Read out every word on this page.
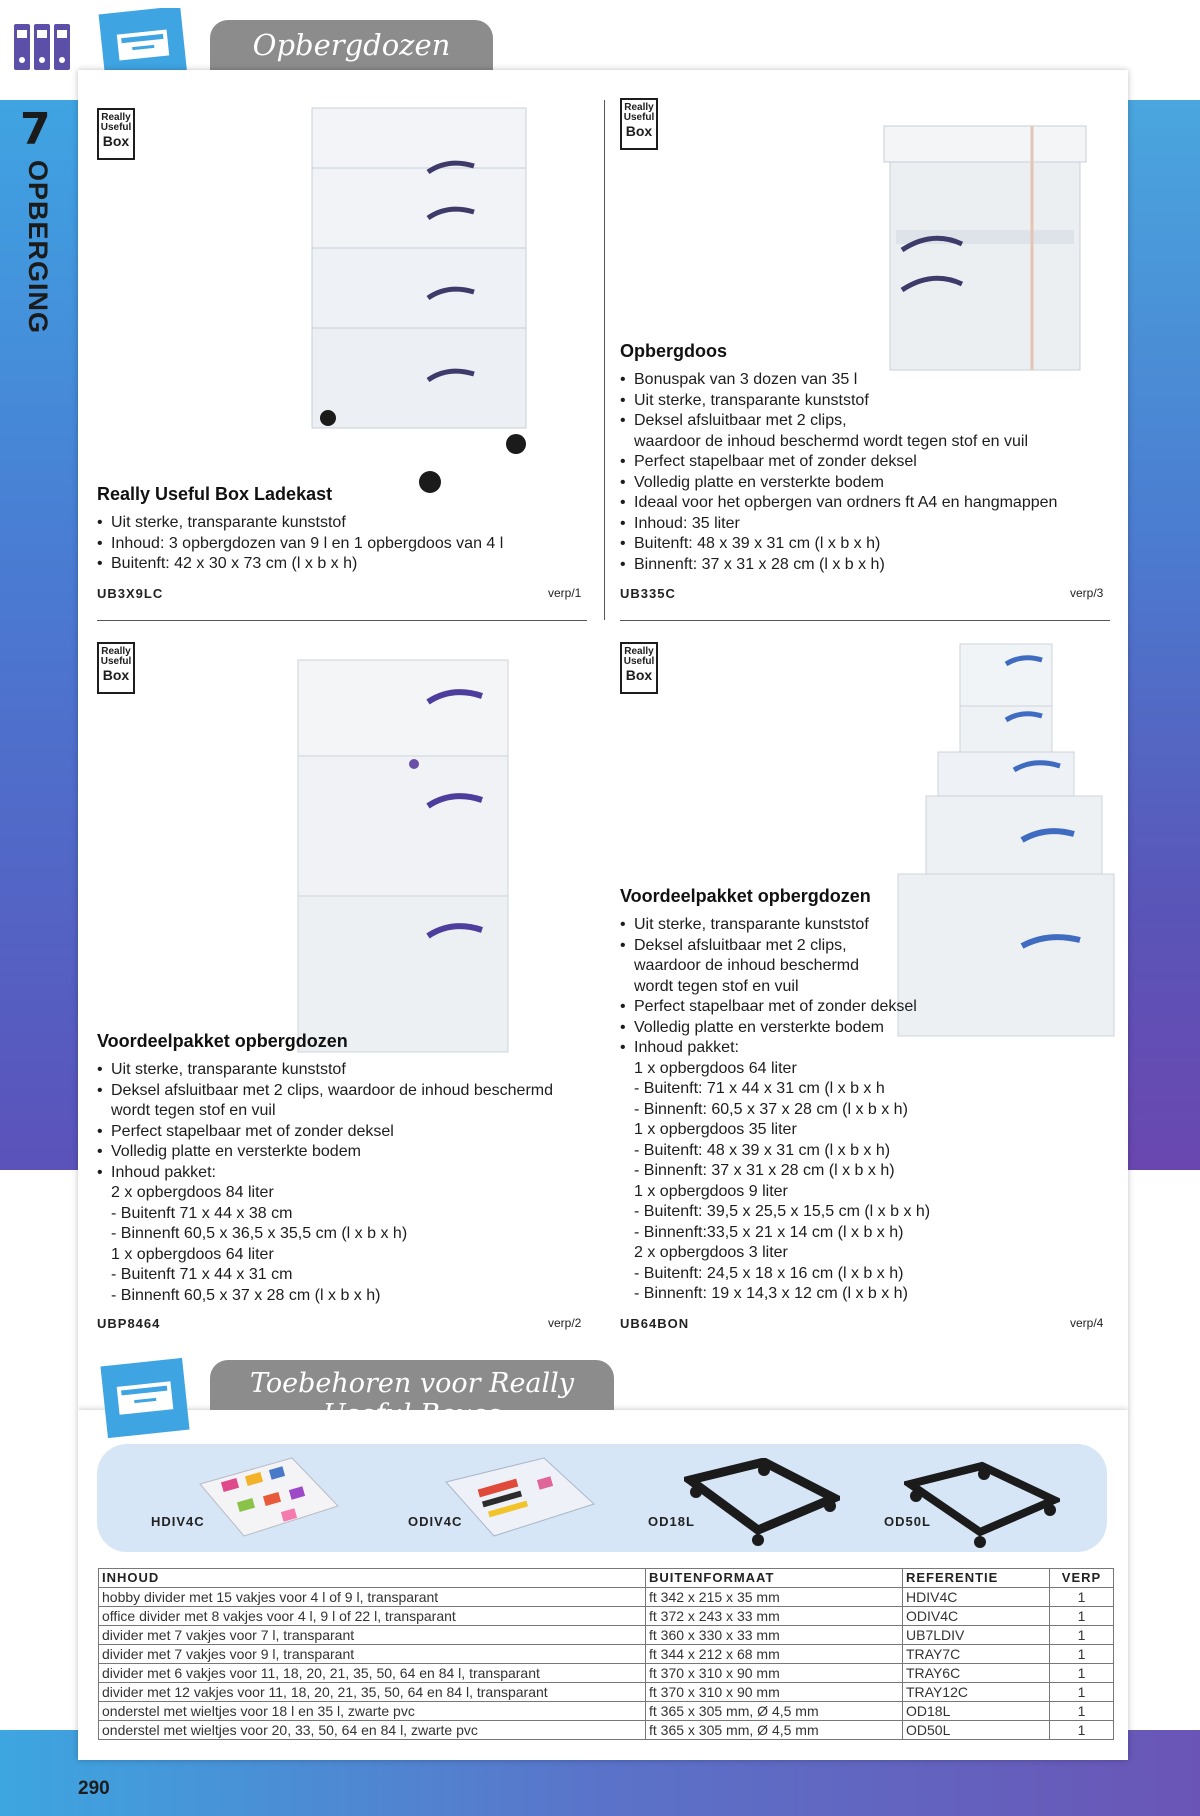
Opbergdozen
7
OPBERGING
Really
Useful
Box
Really
Useful
Box
Really
Useful
Box
Really
Useful
Box
Really Useful Box Ladekast
• Uit sterke, transparante kunststof
• Inhoud: 3 opbergdozen van 9 l en 1 opbergdoos van 4 l
• Buitenft: 42 x 30 x 73 cm (l x b x h)
UB3X9LC	verp/1
Opbergdoos
• Bonuspak van 3 dozen van 35 l
• Uit sterke, transparante kunststof
• Deksel afsluitbaar met 2 clips,
waardoor de inhoud beschermd wordt tegen stof en vuil
• Perfect stapelbaar met of zonder deksel
• Volledig platte en versterkte bodem
• Ideaal voor het opbergen van ordners ft A4 en hangmappen
• Inhoud: 35 liter
• Buitenft: 48 x 39 x 31 cm (l x b x h)
• Binnenft: 37 x 31 x 28 cm (l x b x h)
UB335C	verp/3
Voordeelpakket opbergdozen
• Uit sterke, transparante kunststof
• Deksel afsluitbaar met 2 clips, waardoor de inhoud beschermd
wordt tegen stof en vuil
• Perfect stapelbaar met of zonder deksel
• Volledig platte en versterkte bodem
• Inhoud pakket:
2 x opbergdoos 84 liter
- Buitenft 71 x 44 x 38 cm
- Binnenft 60,5 x 36,5 x 35,5 cm (l x b x h)
1 x opbergdoos 64 liter
- Buitenft 71 x 44 x 31 cm
- Binnenft 60,5 x 37 x 28 cm (l x b x h)
UBP8464	verp/2
Voordeelpakket opbergdozen
• Uit sterke, transparante kunststof
• Deksel afsluitbaar met 2 clips,
waardoor de inhoud beschermd
wordt tegen stof en vuil
• Perfect stapelbaar met of zonder deksel
• Volledig platte en versterkte bodem
• Inhoud pakket:
1 x opbergdoos 64 liter
- Buitenft: 71 x 44 x 31 cm (l x b x h
- Binnenft: 60,5 x 37 x 28 cm (l x b x h)
1 x opbergdoos 35 liter
- Buitenft: 48 x 39 x 31 cm (l x b x h)
- Binnenft: 37 x 31 x 28 cm (l x b x h)
1 x opbergdoos 9 liter
- Buitenft: 39,5 x 25,5 x 15,5 cm (l x b x h)
- Binnenft:33,5 x 21 x 14 cm (l x b x h)
2 x opbergdoos 3 liter
- Buitenft: 24,5 x 18 x 16 cm (l x b x h)
- Binnenft: 19 x 14,3 x 12 cm (l x b x h)
UB64BON	verp/4
Toebehoren voor Really Useful Boxes
HDIV4C	ODIV4C	OD18L	OD50L
INHOUD	BUITENFORMAAT	REFERENTIE	VERP
hobby divider met 15 vakjes voor 4 l of 9 l, transparant	ft 342 x 215 x 35 mm	HDIV4C	1
office divider met 8 vakjes voor 4 l, 9 l of 22 l, transparant	ft 372 x 243 x 33 mm	ODIV4C	1
divider met 7 vakjes voor 7 l, transparant	ft 360 x 330 x 33 mm	UB7LDIV	1
divider met 7 vakjes voor 9 l, transparant	ft 344 x 212 x 68 mm	TRAY7C	1
divider met 6 vakjes voor 11, 18, 20, 21, 35, 50, 64 en 84 l, transparant	ft 370 x 310 x 90 mm	TRAY6C	1
divider met 12 vakjes voor 11, 18, 20, 21, 35, 50, 64 en 84 l, transparant	ft 370 x 310 x 90 mm	TRAY12C	1
onderstel met wieltjes voor 18 l en 35 l, zwarte pvc	ft 365 x 305 mm, Ø 4,5 mm	OD18L	1
onderstel met wieltjes voor 20, 33, 50, 64 en 84 l, zwarte pvc	ft 365 x 305 mm, Ø 4,5 mm	OD50L	1
290
